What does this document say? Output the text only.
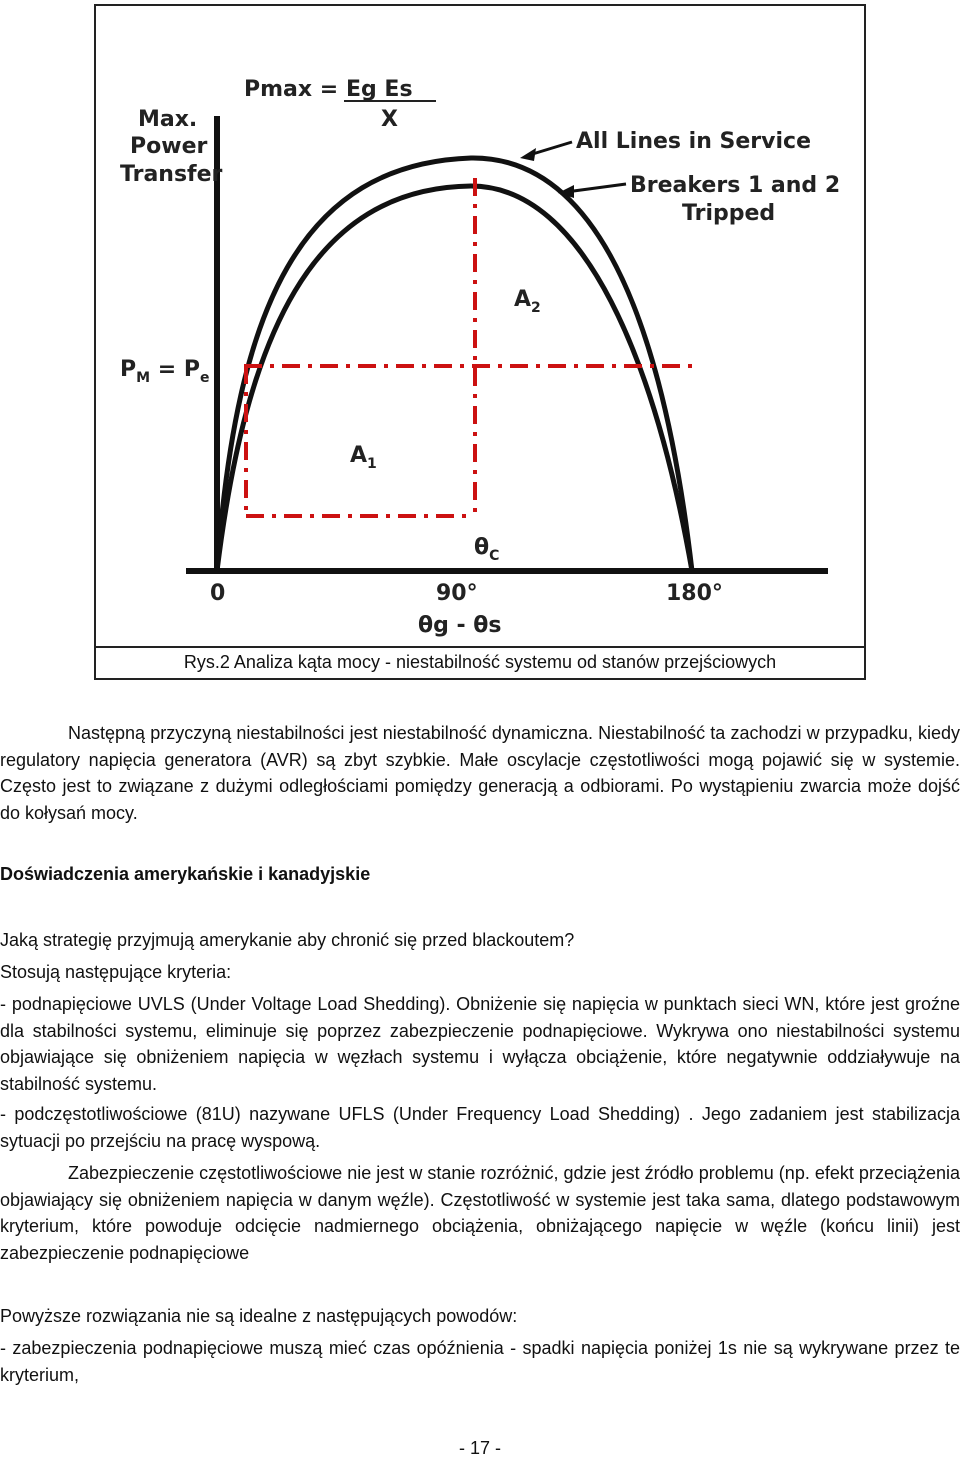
Max.
Power
Transfer
Pmax = Eg Es
X
All Lines in Service
Breakers 1 and 2
Tripped
$P_M = P_e$
$A_2$
$A_1$
$\theta_C$
0	90°	180°
θg - θs
Rys.2 Analiza kąta mocy - niestabilność systemu od stanów przejściowych

Następną przyczyną niestabilności jest niestabilność dynamiczna. Niestabilność ta zachodzi w przypadku, kiedy regulatory napięcia generatora (AVR) są zbyt szybkie. Małe oscylacje częstotliwości mogą pojawić się w systemie. Często jest to związane z dużymi odległościami pomiędzy generacją a odbiorami. Po wystąpieniu zwarcia może dojść do kołysań mocy.

Doświadczenia amerykańskie i kanadyjskie

Jaką strategię przyjmują amerykanie aby chronić się przed blackoutem?

Stosują następujące kryteria:

- podnapięciowe UVLS (Under Voltage Load Shedding). Obniżenie się napięcia w punktach sieci WN, które jest groźne dla stabilności systemu, eliminuje się poprzez zabezpieczenie podnapięciowe. Wykrywa ono niestabilności systemu objawiające się obniżeniem napięcia w węzłach systemu i wyłącza obciążenie, które negatywnie oddziaływuje na stabilność systemu.

- podczęstotliwościowe (81U) nazywane UFLS (Under Frequency Load Shedding) . Jego zadaniem jest stabilizacja sytuacji po przejściu na pracę wyspową.

Zabezpieczenie częstotliwościowe nie jest w stanie rozróżnić, gdzie jest źródło problemu (np. efekt przeciążenia objawiający się obniżeniem napięcia w danym węźle). Częstotliwość w systemie jest taka sama, dlatego podstawowym kryterium, które powoduje odcięcie nadmiernego obciążenia, obniżającego napięcie w węźle (końcu linii) jest zabezpieczenie podnapięciowe

Powyższe rozwiązania nie są idealne z następujących powodów:

- zabezpieczenia podnapięciowe muszą mieć czas opóźnienia - spadki napięcia poniżej 1s nie są wykrywane przez te kryterium,

- 17 -
